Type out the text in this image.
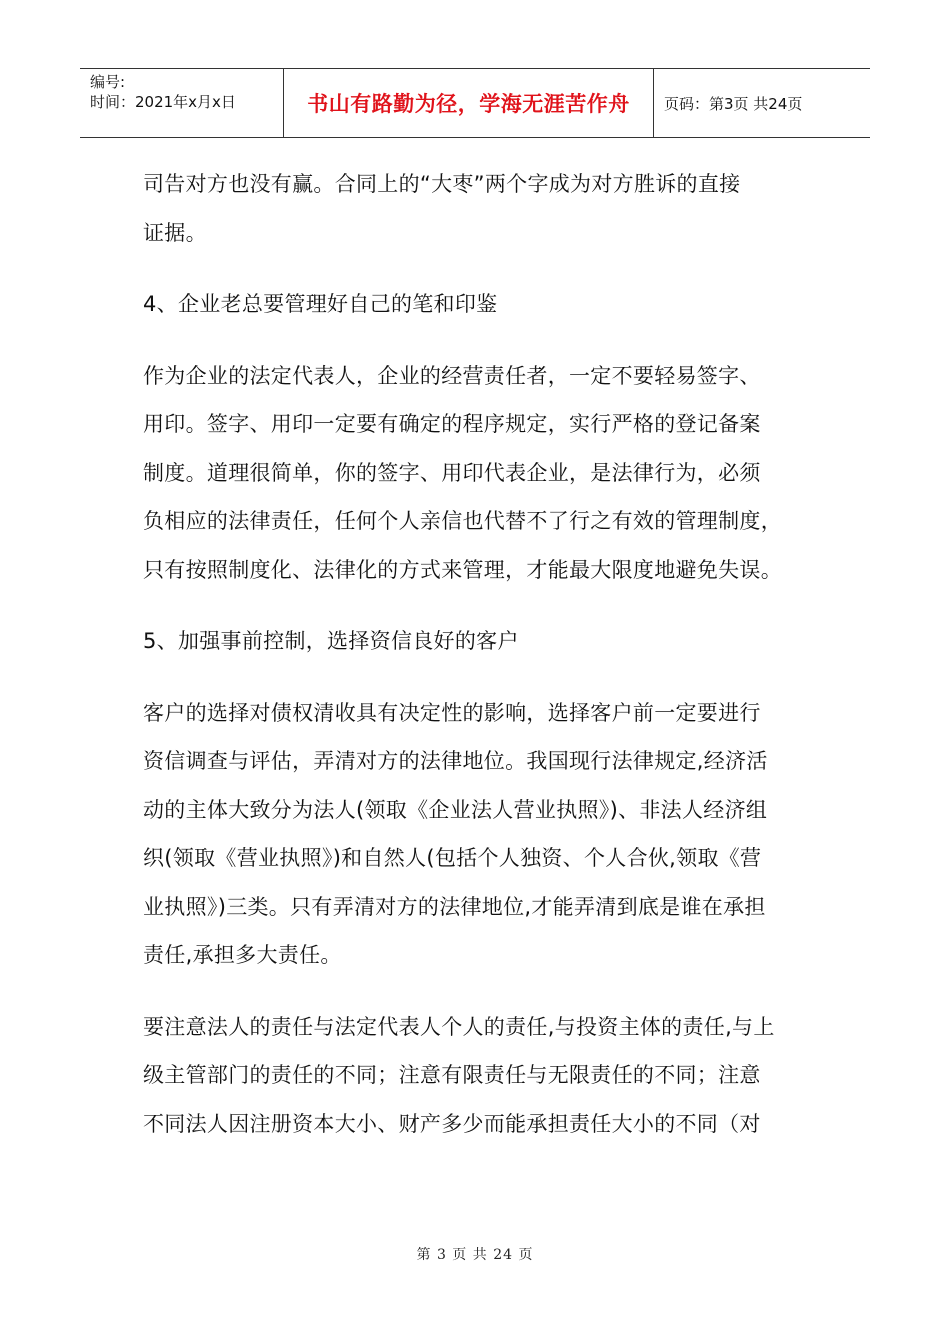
编号:
时间：2021年x月x日	书山有路勤为径，学海无涯苦作舟	页码：第3页 共24页

司告对方也没有赢。合同上的“大枣”两个字成为对方胜诉的直接
证据。

4、企业老总要管理好自己的笔和印鉴

作为企业的法定代表人，企业的经营责任者，一定不要轻易签字、
用印。签字、用印一定要有确定的程序规定，实行严格的登记备案
制度。道理很简单，你的签字、用印代表企业，是法律行为，必须
负相应的法律责任，任何个人亲信也代替不了行之有效的管理制度，
只有按照制度化、法律化的方式来管理，才能最大限度地避免失误。

5、加强事前控制，选择资信良好的客户

客户的选择对债权清收具有决定性的影响，选择客户前一定要进行
资信调查与评估，弄清对方的法律地位。我国现行法律规定,经济活
动的主体大致分为法人(领取《企业法人营业执照》)、非法人经济组
织(领取《营业执照》)和自然人(包括个人独资、个人合伙,领取《营
业执照》)三类。只有弄清对方的法律地位,才能弄清到底是谁在承担
责任,承担多大责任。

要注意法人的责任与法定代表人个人的责任,与投资主体的责任,与上
级主管部门的责任的不同；注意有限责任与无限责任的不同；注意
不同法人因注册资本大小、财产多少而能承担责任大小的不同（对

第 3 页 共 24 页
